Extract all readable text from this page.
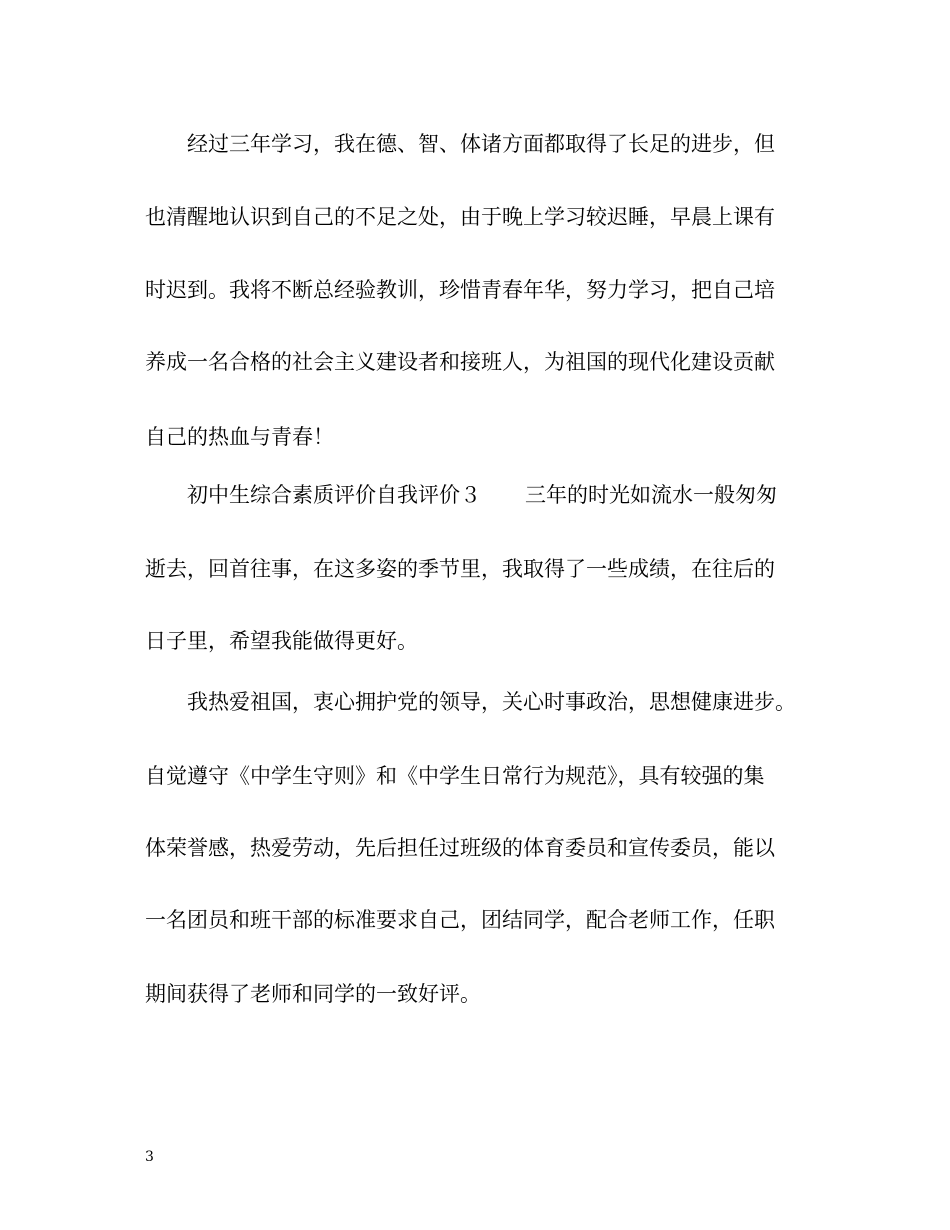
经过三年学习，我在德、智、体诸方面都取得了长足的进步，但
也清醒地认识到自己的不足之处，由于晚上学习较迟睡，早晨上课有
时迟到。我将不断总经验教训，珍惜青春年华，努力学习，把自己培
养成一名合格的社会主义建设者和接班人，为祖国的现代化建设贡献
自己的热血与青春！
初中生综合素质评价自我评价３ 三年的时光如流水一般匆匆
逝去，回首往事，在这多姿的季节里，我取得了一些成绩，在往后的
日子里，希望我能做得更好。
我热爱祖国，衷心拥护党的领导，关心时事政治，思想健康进步。
自觉遵守《中学生守则》和《中学生日常行为规范》，具有较强的集
体荣誉感，热爱劳动，先后担任过班级的体育委员和宣传委员，能以
一名团员和班干部的标准要求自己，团结同学，配合老师工作，任职
期间获得了老师和同学的一致好评。
3
